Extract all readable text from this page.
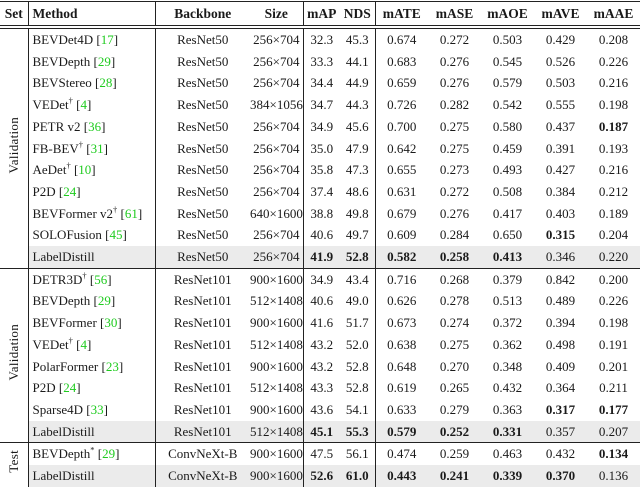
Set	Method	Backbone	Size	mAP	NDS	mATE	mASE	mAOE	mAVE	mAAE
Validation	BEVDet4D [17]	ResNet50	256×704	32.3	45.3	0.674	0.272	0.503	0.429	0.208
	BEVDepth [29]	ResNet50	256×704	33.3	44.1	0.683	0.276	0.545	0.526	0.226
	BEVStereo [28]	ResNet50	256×704	34.4	44.9	0.659	0.276	0.579	0.503	0.216
	VEDet† [4]	ResNet50	384×1056	34.7	44.3	0.726	0.282	0.542	0.555	0.198
	PETR v2 [36]	ResNet50	256×704	34.9	45.6	0.700	0.275	0.580	0.437	0.187
	FB-BEV† [31]	ResNet50	256×704	35.0	47.9	0.642	0.275	0.459	0.391	0.193
	AeDet† [10]	ResNet50	256×704	35.8	47.3	0.655	0.273	0.493	0.427	0.216
	P2D [24]	ResNet50	256×704	37.4	48.6	0.631	0.272	0.508	0.384	0.212
	BEVFormer v2† [61]	ResNet50	640×1600	38.8	49.8	0.679	0.276	0.417	0.403	0.189
	SOLOFusion [45]	ResNet50	256×704	40.6	49.7	0.609	0.284	0.650	0.315	0.204
	LabelDistill	ResNet50	256×704	41.9	52.8	0.582	0.258	0.413	0.346	0.220
Validation	DETR3D† [56]	ResNet101	900×1600	34.9	43.4	0.716	0.268	0.379	0.842	0.200
	BEVDepth [29]	ResNet101	512×1408	40.6	49.0	0.626	0.278	0.513	0.489	0.226
	BEVFormer [30]	ResNet101	900×1600	41.6	51.7	0.673	0.274	0.372	0.394	0.198
	VEDet† [4]	ResNet101	512×1408	43.2	52.0	0.638	0.275	0.362	0.498	0.191
	PolarFormer [23]	ResNet101	900×1600	43.2	52.8	0.648	0.270	0.348	0.409	0.201
	P2D [24]	ResNet101	512×1408	43.3	52.8	0.619	0.265	0.432	0.364	0.211
	Sparse4D [33]	ResNet101	900×1600	43.6	54.1	0.633	0.279	0.363	0.317	0.177
	LabelDistill	ResNet101	512×1408	45.1	55.3	0.579	0.252	0.331	0.357	0.207
Test	BEVDepth* [29]	ConvNeXt-B	900×1600	47.5	56.1	0.474	0.259	0.463	0.432	0.134
	LabelDistill	ConvNeXt-B	900×1600	52.6	61.0	0.443	0.241	0.339	0.370	0.136
